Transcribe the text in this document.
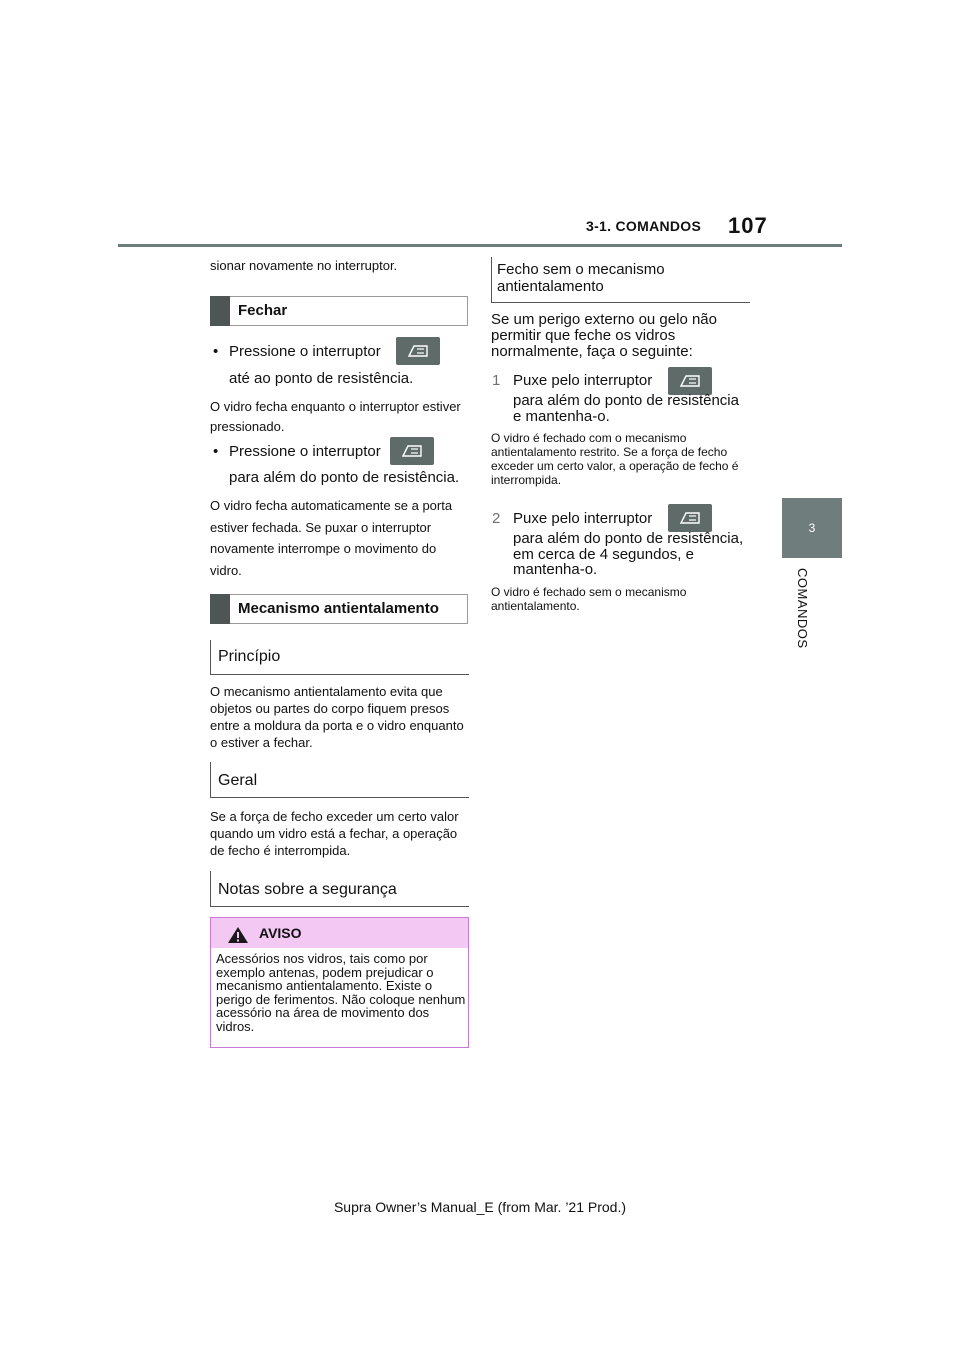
3-1. COMANDOS 107
3
COMANDOS
sionar novamente no interruptor.
Fechar
• Pressione o interruptor
até ao ponto de resistência.
O vidro fecha enquanto o interruptor estiver pressionado.
• Pressione o interruptor
para além do ponto de resistência.
O vidro fecha automaticamente se a porta estiver fechada. Se puxar o interruptor novamente interrompe o movimento do vidro.
Mecanismo antientalamento
Princípio
O mecanismo antientalamento evita que objetos ou partes do corpo fiquem presos entre a moldura da porta e o vidro enquanto o estiver a fechar.
Geral
Se a força de fecho exceder um certo valor quando um vidro está a fechar, a operação de fecho é interrompida.
Notas sobre a segurança
AVISO
Acessórios nos vidros, tais como por exemplo antenas, podem prejudicar o mecanismo antientalamento. Existe o perigo de ferimentos. Não coloque nenhum acessório na área de movimento dos vidros.
Fecho sem o mecanismo antientalamento
Se um perigo externo ou gelo não permitir que feche os vidros normalmente, faça o seguinte:
1 Puxe pelo interruptor
para além do ponto de resistência e mantenha-o.
O vidro é fechado com o mecanismo antientalamento restrito. Se a força de fecho exceder um certo valor, a operação de fecho é interrompida.
2 Puxe pelo interruptor
para além do ponto de resistência, em cerca de 4 segundos, e mantenha-o.
O vidro é fechado sem o mecanismo antientalamento.
Supra Owner’s Manual_E (from Mar. ’21 Prod.)
